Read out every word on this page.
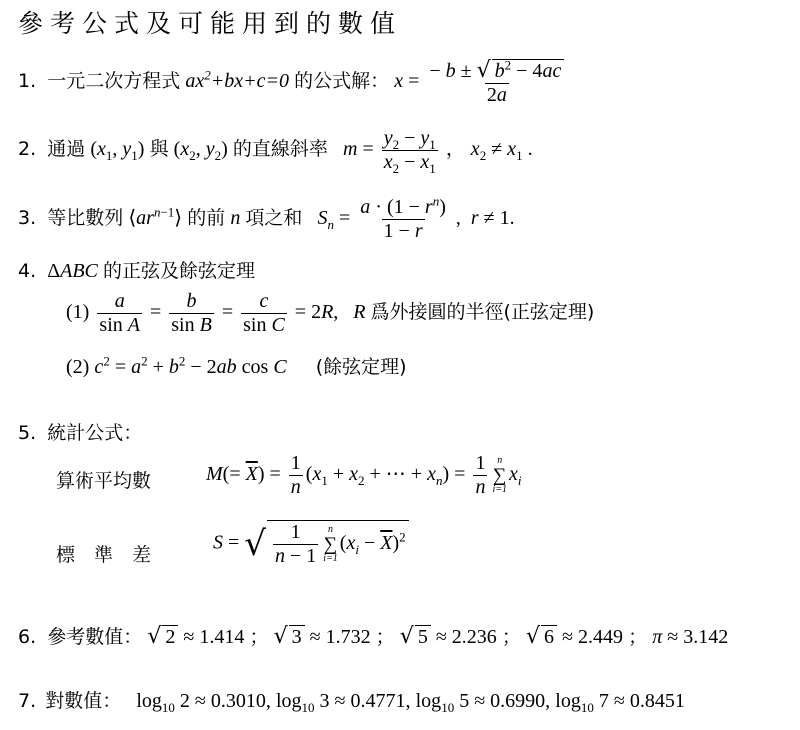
參考公式及可能用到的數值
1. 一元二次方程式 $ax^2+bx+c=0$ 的公式解： $x = \frac{- b \pm √ b^2 - 4ac}{2a}$
2. 通過 ($x_1$, $y_1$) 與 ($x_2$, $y_2$) 的直線斜率 $m = \frac{y_2 - y_1}{x_2 - x_1}$ ， $x_2 \ne x_1$ .
3. 等比數列 $⟨ar^{n-1}⟩$ 的前 n 項之和 $S_n = \frac{a \cdot (1 - r^n)}{1 - r}$ ,  r ≠ 1.
4. ΔABC 的正弦及餘弦定理
$(1) \frac{a}{\text{sin A}} = \frac{b}{\text{sin B}} = \frac{c}{\text{sin C}} = 2R$,   R 爲外接圓的半徑(正弦定理)
(2) $c^2 = a^2 + b^2 - 2ab$ cos C (餘弦定理)
5. 統計公式：
算術平均數	$M(= \overline{X}) = \frac{1}{n} (x_1 + x_2$ + ⋯ + $x_n) = \frac{1}{n}$ n
∑
i=1
$x_i$
標　準　差
S = √ $\frac{1}{n - 1}$ n
∑
i=1
$(x_i - \overline{X})^2$
6. 參考數值： √ 2 ≈ 1.414 ； √ 3 ≈ 1.732 ； √ 5 ≈ 2.236 ； √ 6 ≈ 2.449 ； π ≈ 3.142
7. 對數值： $\log_{10} 2 \approx 0.3010$, $\log_{10} 3 \approx 0.4771$, $\log_{10} 5 \approx 0.6990$, $\log_{10} 7 \approx 0.8451$
